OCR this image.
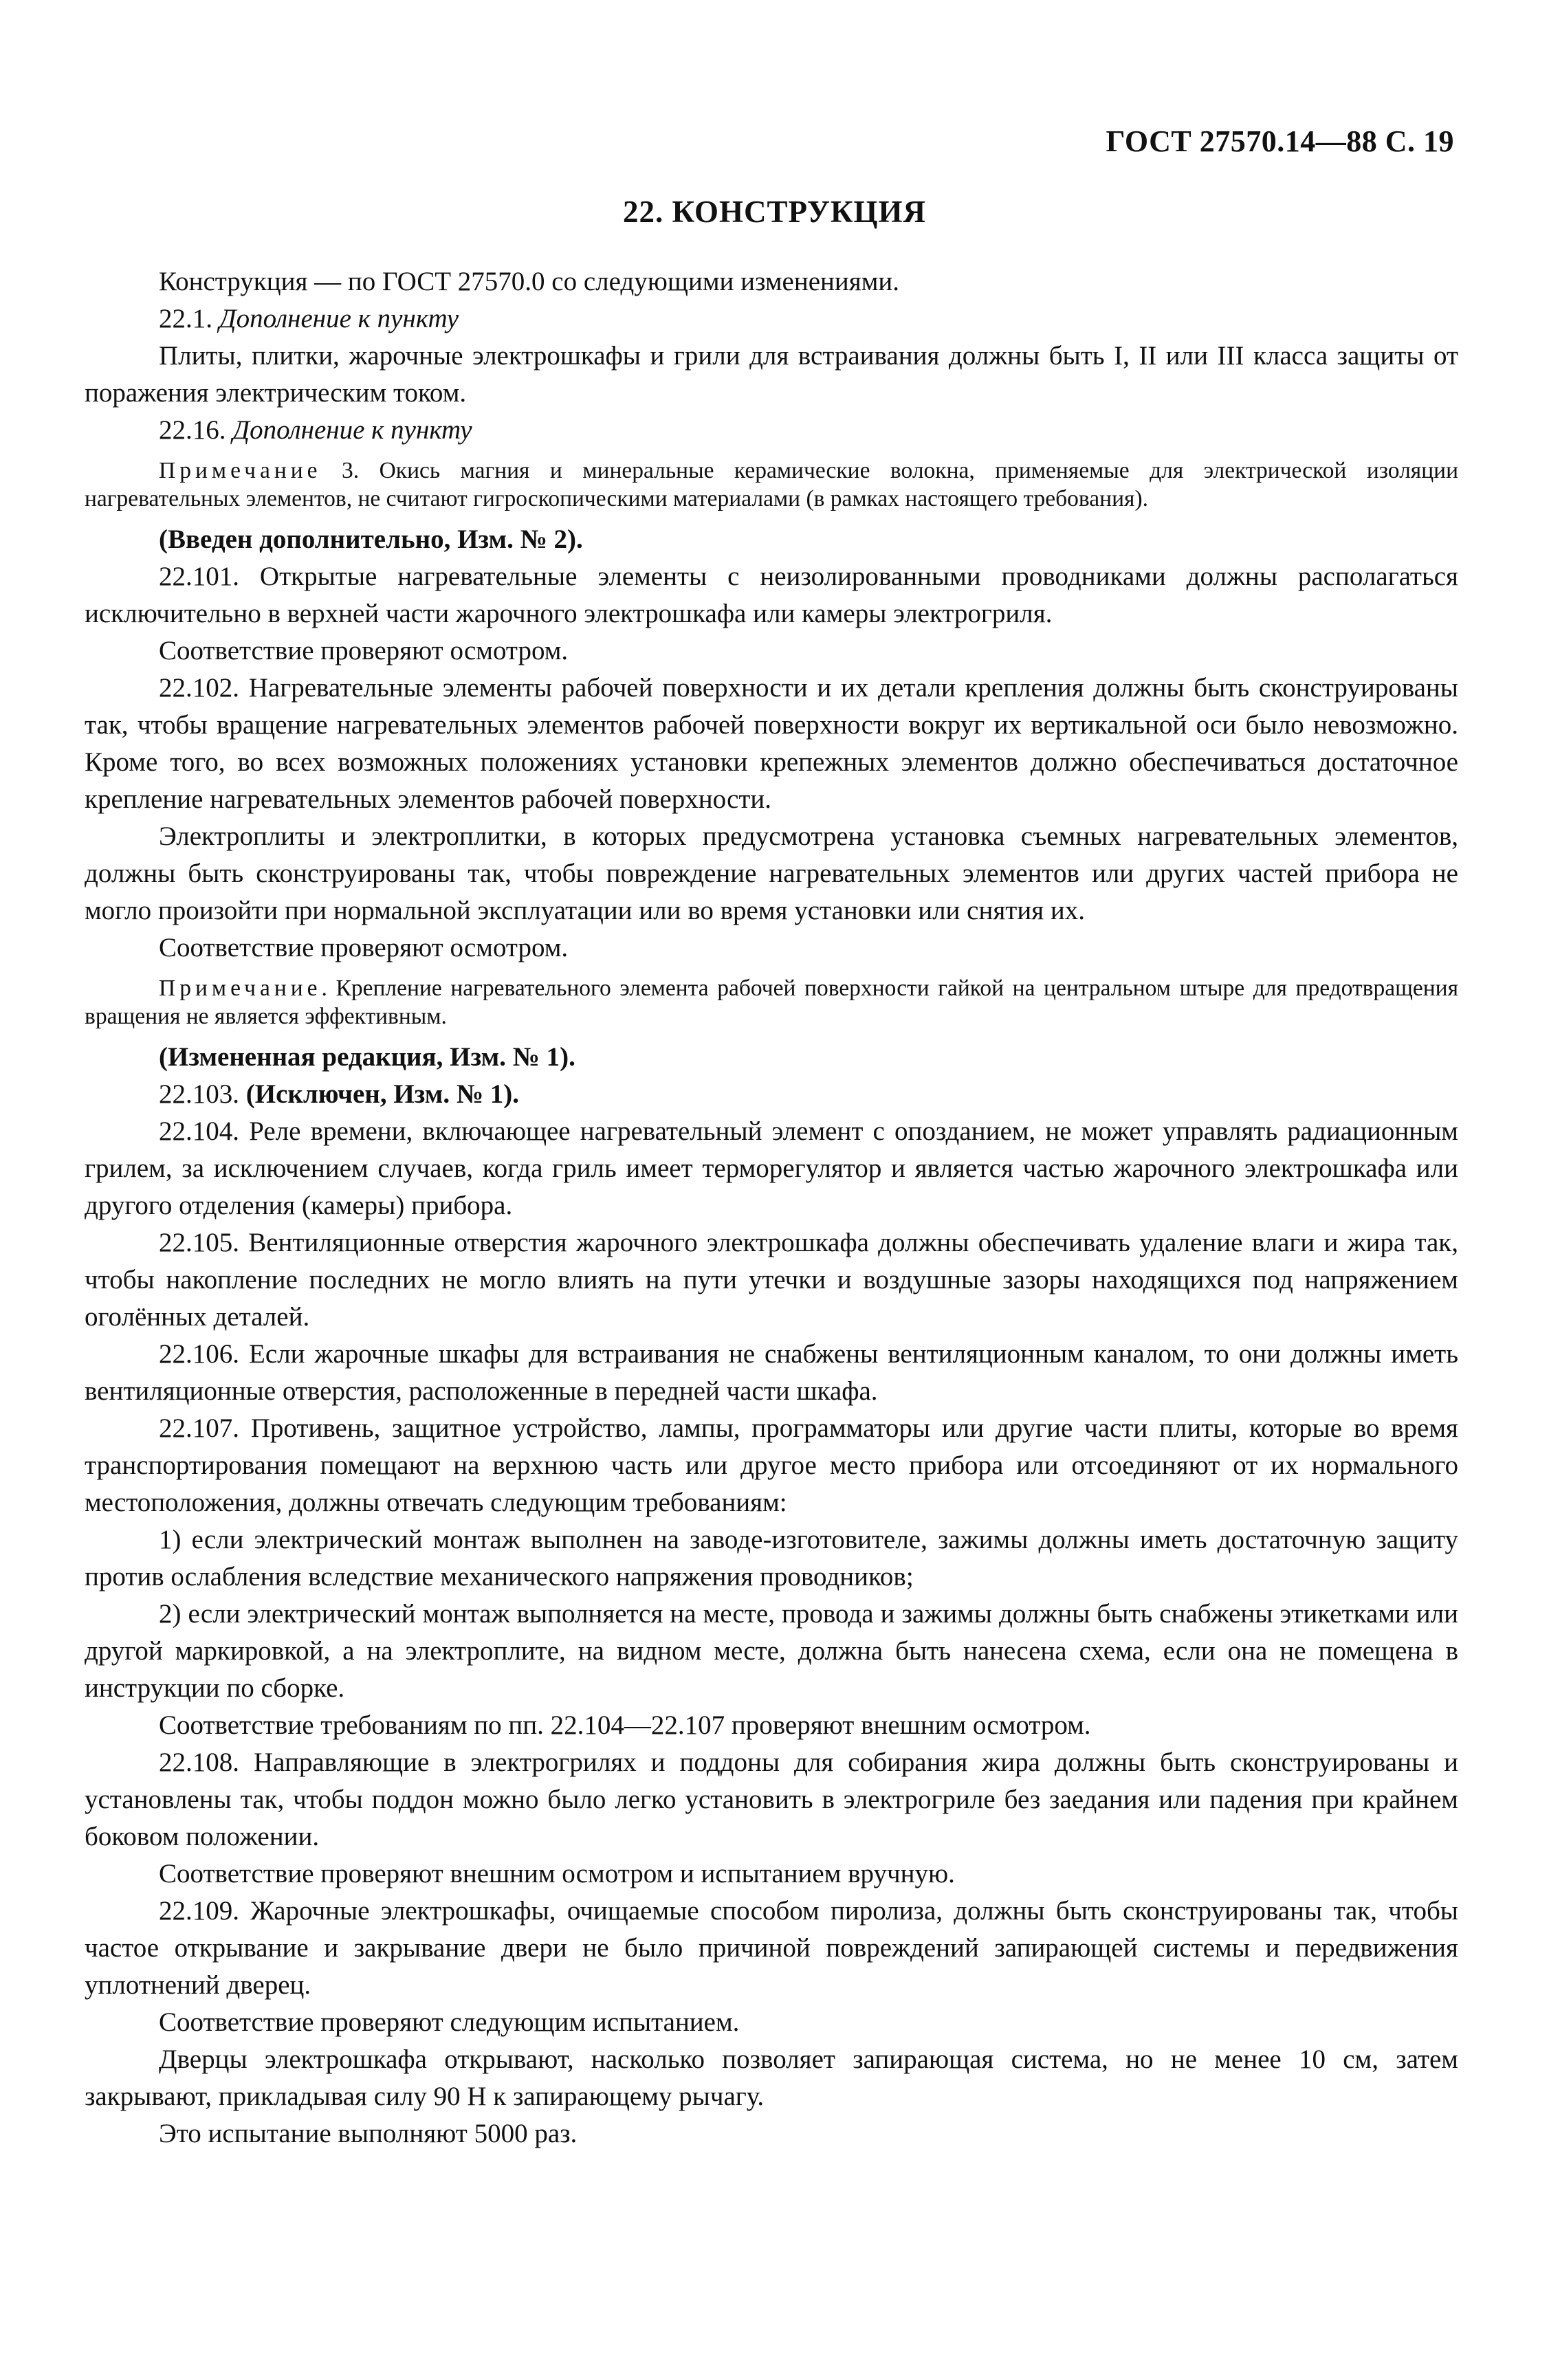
ГОСТ 27570.14—88 С. 19
22. КОНСТРУКЦИЯ

Конструкция — по ГОСТ 27570.0 со следующими изменениями.

22.1. Дополнение к пункту

Плиты, плитки, жарочные электрошкафы и грили для встраивания должны быть I, II или III класса защиты от поражения электрическим током.

22.16. Дополнение к пункту

Примечание 3. Окись магния и минеральные керамические волокна, применяемые для электрической изоляции нагревательных элементов, не считают гигроскопическими материалами (в рамках настоящего требования).

(Введен дополнительно, Изм. № 2).

22.101. Открытые нагревательные элементы с неизолированными проводниками должны располагаться исключительно в верхней части жарочного электрошкафа или камеры электрогриля.

Соответствие проверяют осмотром.

22.102. Нагревательные элементы рабочей поверхности и их детали крепления должны быть сконструированы так, чтобы вращение нагревательных элементов рабочей поверхности вокруг их вертикальной оси было невозможно. Кроме того, во всех возможных положениях установки крепежных элементов должно обеспечиваться достаточное крепление нагревательных элементов рабочей поверхности.

Электроплиты и электроплитки, в которых предусмотрена установка съемных нагревательных элементов, должны быть сконструированы так, чтобы повреждение нагревательных элементов или других частей прибора не могло произойти при нормальной эксплуатации или во время установки или снятия их.

Соответствие проверяют осмотром.

Примечание. Крепление нагревательного элемента рабочей поверхности гайкой на центральном штыре для предотвращения вращения не является эффективным.

(Измененная редакция, Изм. № 1).

22.103. (Исключен, Изм. № 1).

22.104. Реле времени, включающее нагревательный элемент с опозданием, не может управлять радиационным грилем, за исключением случаев, когда гриль имеет терморегулятор и является частью жарочного электрошкафа или другого отделения (камеры) прибора.

22.105. Вентиляционные отверстия жарочного электрошкафа должны обеспечивать удаление влаги и жира так, чтобы накопление последних не могло влиять на пути утечки и воздушные зазоры находящихся под напряжением оголённых деталей.

22.106. Если жарочные шкафы для встраивания не снабжены вентиляционным каналом, то они должны иметь вентиляционные отверстия, расположенные в передней части шкафа.

22.107. Противень, защитное устройство, лампы, программаторы или другие части плиты, которые во время транспортирования помещают на верхнюю часть или другое место прибора или отсоединяют от их нормального местоположения, должны отвечать следующим требованиям:

1) если электрический монтаж выполнен на заводе-изготовителе, зажимы должны иметь достаточную защиту против ослабления вследствие механического напряжения проводников;

2) если электрический монтаж выполняется на месте, провода и зажимы должны быть снабжены этикетками или другой маркировкой, а на электроплите, на видном месте, должна быть нанесена схема, если она не помещена в инструкции по сборке.

Соответствие требованиям по пп. 22.104—22.107 проверяют внешним осмотром.

22.108. Направляющие в электрогрилях и поддоны для собирания жира должны быть сконструированы и установлены так, чтобы поддон можно было легко установить в электрогриле без заедания или падения при крайнем боковом положении.

Соответствие проверяют внешним осмотром и испытанием вручную.

22.109. Жарочные электрошкафы, очищаемые способом пиролиза, должны быть сконструированы так, чтобы частое открывание и закрывание двери не было причиной повреждений запирающей системы и передвижения уплотнений дверец.

Соответствие проверяют следующим испытанием.

Дверцы электрошкафа открывают, насколько позволяет запирающая система, но не менее 10 см, затем закрывают, прикладывая силу 90 Н к запирающему рычагу.

Это испытание выполняют 5000 раз.
